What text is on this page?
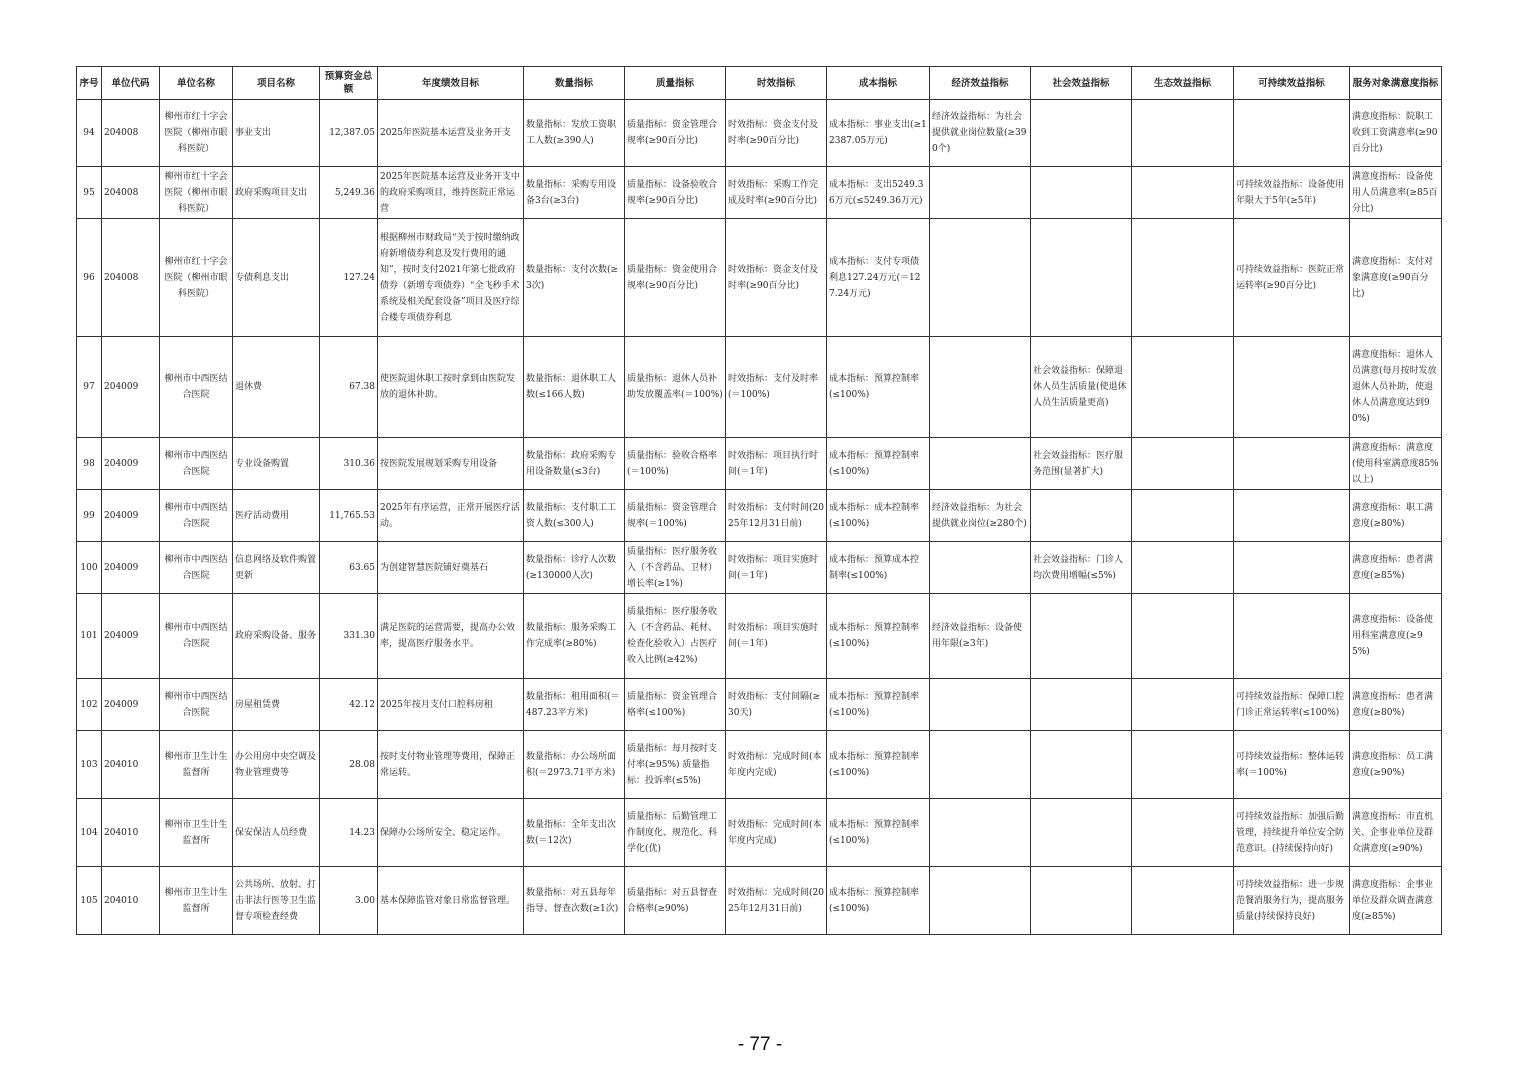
序号	单位代码	单位名称	项目名称	预算资金总额	年度绩效目标	数量指标	质量指标	时效指标	成本指标	经济效益指标	社会效益指标	生态效益指标	可持续效益指标	服务对象满意度指标
94	204008	柳州市红十字会医院（柳州市眼科医院）	事业支出	12,387.05	2025年医院基本运营及业务开支	数量指标：发放工资职工人数(≥390人)	质量指标：资金管理合规率(≥90百分比)	时效指标：资金支付及时率(≥90百分比)	成本指标：事业支出(≥12387.05万元)	经济效益指标：为社会提供就业岗位数量(≥390个)				满意度指标：院职工收到工资满意率(≥90百分比)
95	204008	柳州市红十字会医院（柳州市眼科医院）	政府采购项目支出	5,249.36	2025年医院基本运营及业务开支中的政府采购项目，维持医院正常运营	数量指标：采购专用设备3台(≥3台)	质量指标：设备验收合规率(≥90百分比)	时效指标：采购工作完成及时率(≥90百分比)	成本指标：支出5249.36万元(≤5249.36万元)				可持续效益指标：设备使用年限大于5年(≥5年)	满意度指标：设备使用人员满意率(≥85百分比)
96	204008	柳州市红十字会医院（柳州市眼科医院）	专债利息支出	127.24	根据柳州市财政局“关于按时缴纳政府新增债券利息及发行费用的通知”，按时支付2021年第七批政府债券（新增专项债券）“全飞秒手术系统及相关配套设备”项目及医疗综合楼专项债券利息	数量指标：支付次数(≥3次)	质量指标：资金使用合规率(≥90百分比)	时效指标：资金支付及时率(≥90百分比)	成本指标：支付专项债利息127.24万元(＝127.24万元)				可持续效益指标：医院正常运转率(≥90百分比)	满意度指标：支付对象满意度(≥90百分比)
97	204009	柳州市中西医结合医院	退休费	67.38	使医院退休职工按时拿到由医院发放的退休补助。	数量指标：退休职工人数(≤166人数)	质量指标：退休人员补助发放覆盖率(＝100%)	时效指标：支付及时率(＝100%)	成本指标：预算控制率(≤100%)		社会效益指标：保障退休人员生活质量(使退休人员生活质量更高)			满意度指标：退休人员满意(每月按时发放退休人员补助，使退休人员满意度达到90%)
98	204009	柳州市中西医结合医院	专业设备购置	310.36	按医院发展规划采购专用设备	数量指标：政府采购专用设备数量(≤3台)	质量指标：验收合格率(＝100%)	时效指标：项目执行时间(＝1年)	成本指标：预算控制率(≤100%)		社会效益指标：医疗服务范围(显著扩大)			满意度指标：满意度(使用科室满意度85%以上)
99	204009	柳州市中西医结合医院	医疗活动费用	11,765.53	2025年有序运营，正常开展医疗活动。	数量指标：支付职工工资人数(≤300人)	质量指标：资金管理合规率(＝100%)	时效指标：支付时间(2025年12月31日前)	成本指标：成本控制率(≤100%)	经济效益指标：为社会提供就业岗位(≥280个)				满意度指标：职工满意度(≥80%)
100	204009	柳州市中西医结合医院	信息网络及软件购置更新	63.65	为创建智慧医院铺好奠基石	数量指标：诊疗人次数(≥130000人次)	质量指标：医疗服务收入（不含药品、卫材）增长率(≥1%)	时效指标：项目实施时间(＝1年)	成本指标：预算成本控制率(≤100%)		社会效益指标：门诊人均次费用增幅(≤5%)			满意度指标：患者满意度(≥85%)
101	204009	柳州市中西医结合医院	政府采购设备、服务	331.30	满足医院的运营需要，提高办公效率，提高医疗服务水平。	数量指标：服务采购工作完成率(≥80%)	质量指标：医疗服务收入（不含药品、耗材、检查化验收入）占医疗收入比例(≥42%)	时效指标：项目实施时间(＝1年)	成本指标：预算控制率(≤100%)	经济效益指标：设备使用年限(≥3年)				满意度指标：设备使用科室满意度(≥95%)
102	204009	柳州市中西医结合医院	房屋租赁费	42.12	2025年按月支付口腔科房租	数量指标：租用面积(＝487.23平方米)	质量指标：资金管理合格率(≤100%)	时效指标：支付间隔(≥30天)	成本指标：预算控制率(≤100%)				可持续效益指标：保障口腔门诊正常运转率(≤100%)	满意度指标：患者满意度(≥80%)
103	204010	柳州市卫生计生监督所	办公用房中央空调及物业管理费等	28.08	按时支付物业管理等费用，保障正常运转。	数量指标：办公场所面积(＝2973.71平方米)	质量指标：每月按时支付率(≥95%) 质量指标：投诉率(≤5%)	时效指标：完成时间(本年度内完成)	成本指标：预算控制率(≤100%)				可持续效益指标：整体运转率(＝100%)	满意度指标：员工满意度(≥90%)
104	204010	柳州市卫生计生监督所	保安保洁人员经费	14.23	保障办公场所安全、稳定运作。	数量指标：全年支出次数(＝12次)	质量指标：后勤管理工作制度化、规范化、科学化(优)	时效指标：完成时间(本年度内完成)	成本指标：预算控制率(≤100%)				可持续效益指标：加强后勤管理，持续提升单位安全防范意识。(持续保持向好)	满意度指标：市直机关、企事业单位及群众满意度(≥90%)
105	204010	柳州市卫生计生监督所	公共场所、放射、打击非法行医等卫生监督专项检查经费	3.00	基本保障监管对象日常监督管理。	数量指标：对五县每年指导、督查次数(≥1次)	质量指标：对五县督查合格率(≥90%)	时效指标：完成时间(2025年12月31日前)	成本指标：预算控制率(≤100%)				可持续效益指标：进一步规范餐消服务行为，提高服务质量(持续保持良好)	满意度指标：企事业单位及群众调查满意度(≥85%)
- 77 -
